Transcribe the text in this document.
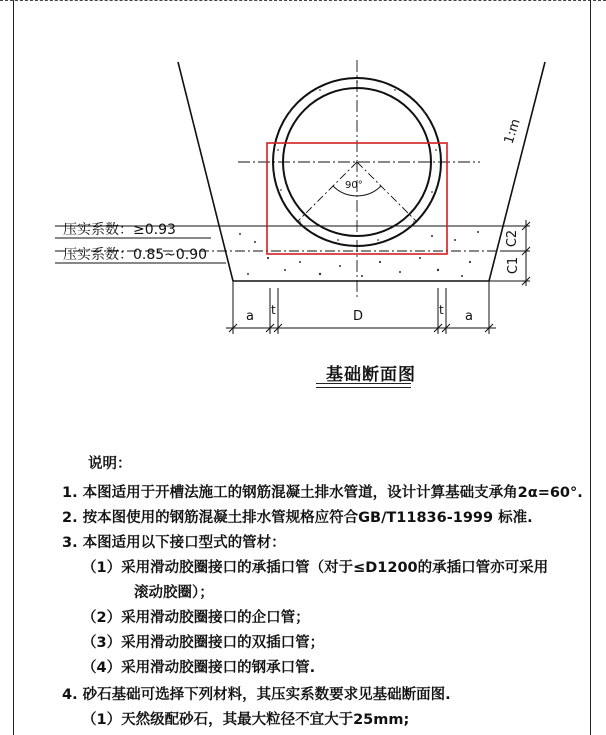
压实系数：≥0.93
压实系数：0.85~0.90
1:m
90°
C2
C1
a t	D	t a
基础断面图
说明：
1. 本图适用于开槽法施工的钢筋混凝土排水管道，设计计算基础支承角2α=60°.
2. 按本图使用的钢筋混凝土排水管规格应符合GB/T11836-1999 标准.
3. 本图适用以下接口型式的管材：
（1）采用滑动胶圈接口的承插口管（对于≤D1200的承插口管亦可采用
滚动胶圈）；
（2）采用滑动胶圈接口的企口管；
（3）采用滑动胶圈接口的双插口管；
（4）采用滑动胶圈接口的钢承口管.
4. 砂石基础可选择下列材料，其压实系数要求见基础断面图.
（1）天然级配砂石，其最大粒径不宜大于25mm;
